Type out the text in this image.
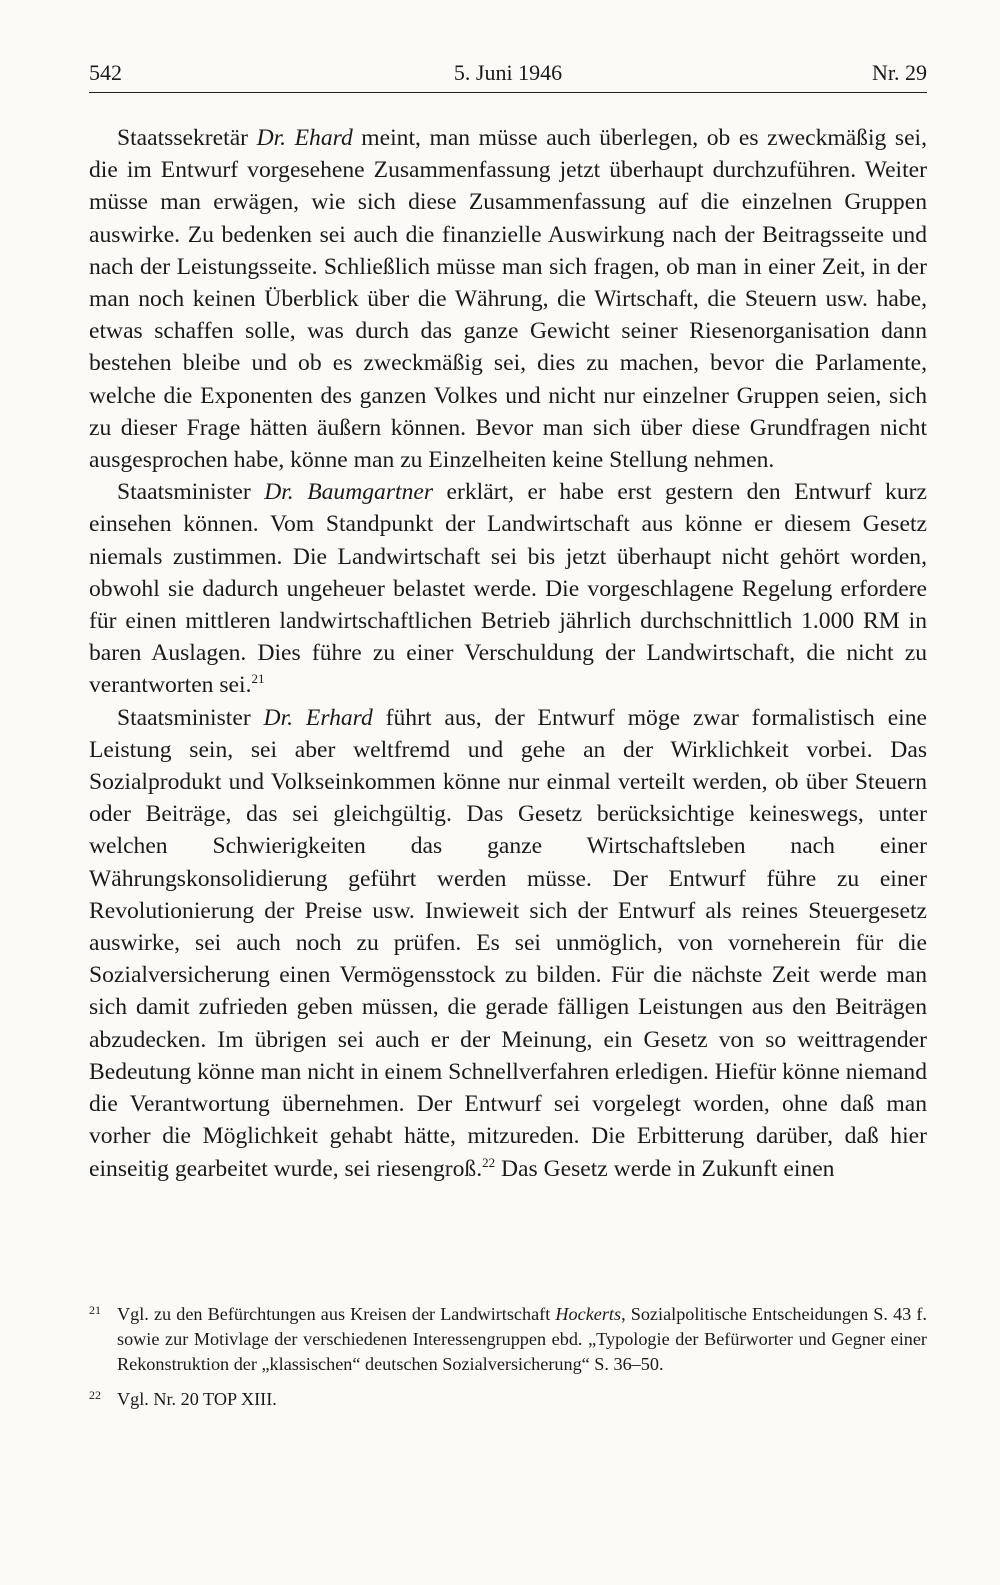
542	5. Juni 1946	Nr. 29

Staatssekretär Dr. Ehard meint, man müsse auch überlegen, ob es zweckmäßig sei, die im Entwurf vorgesehene Zusammenfassung jetzt überhaupt durchzuführen. Weiter müsse man erwägen, wie sich diese Zusammenfassung auf die einzelnen Gruppen auswirke. Zu bedenken sei auch die finanzielle Auswirkung nach der Beitragsseite und nach der Leistungsseite. Schließlich müsse man sich fragen, ob man in einer Zeit, in der man noch keinen Überblick über die Währung, die Wirtschaft, die Steuern usw. habe, etwas schaffen solle, was durch das ganze Gewicht seiner Riesenorganisation dann bestehen bleibe und ob es zweckmäßig sei, dies zu machen, bevor die Parlamente, welche die Exponenten des ganzen Volkes und nicht nur einzelner Gruppen seien, sich zu dieser Frage hätten äußern können. Bevor man sich über diese Grundfragen nicht ausgesprochen habe, könne man zu Einzelheiten keine Stellung nehmen.

Staatsminister Dr. Baumgartner erklärt, er habe erst gestern den Entwurf kurz einsehen können. Vom Standpunkt der Landwirtschaft aus könne er diesem Gesetz niemals zustimmen. Die Landwirtschaft sei bis jetzt überhaupt nicht gehört worden, obwohl sie dadurch ungeheuer belastet werde. Die vorgeschlagene Regelung erfordere für einen mittleren landwirtschaftlichen Betrieb jährlich durchschnittlich 1.000 RM in baren Auslagen. Dies führe zu einer Verschuldung der Landwirtschaft, die nicht zu verantworten sei.$^{21}$

Staatsminister Dr. Erhard führt aus, der Entwurf möge zwar formalistisch eine Leistung sein, sei aber weltfremd und gehe an der Wirklichkeit vorbei. Das Sozialprodukt und Volkseinkommen könne nur einmal verteilt werden, ob über Steuern oder Beiträge, das sei gleichgültig. Das Gesetz berücksichtige keineswegs, unter welchen Schwierigkeiten das ganze Wirtschaftsleben nach einer Währungskonsolidierung geführt werden müsse. Der Entwurf führe zu einer Revolutionierung der Preise usw. Inwieweit sich der Entwurf als reines Steuergesetz auswirke, sei auch noch zu prüfen. Es sei unmöglich, von vorneherein für die Sozialversicherung einen Vermögensstock zu bilden. Für die nächste Zeit werde man sich damit zufrieden geben müssen, die gerade fälligen Leistungen aus den Beiträgen abzudecken. Im übrigen sei auch er der Meinung, ein Gesetz von so weittragender Bedeutung könne man nicht in einem Schnellverfahren erledigen. Hiefür könne niemand die Verantwortung übernehmen. Der Entwurf sei vorgelegt worden, ohne daß man vorher die Möglichkeit gehabt hätte, mitzureden. Die Erbitterung darüber, daß hier einseitig gearbeitet wurde, sei riesengroß.$^{22}$ Das Gesetz werde in Zukunft einen

21 Vgl. zu den Befürchtungen aus Kreisen der Landwirtschaft Hockerts, Sozialpolitische Entscheidungen S. 43 f. sowie zur Motivlage der verschiedenen Interessengruppen ebd. „Typologie der Befürworter und Gegner einer Rekonstruktion der „klassischen“ deutschen Sozialversicherung“ S. 36–50.
22 Vgl. Nr. 20 TOP XIII.
